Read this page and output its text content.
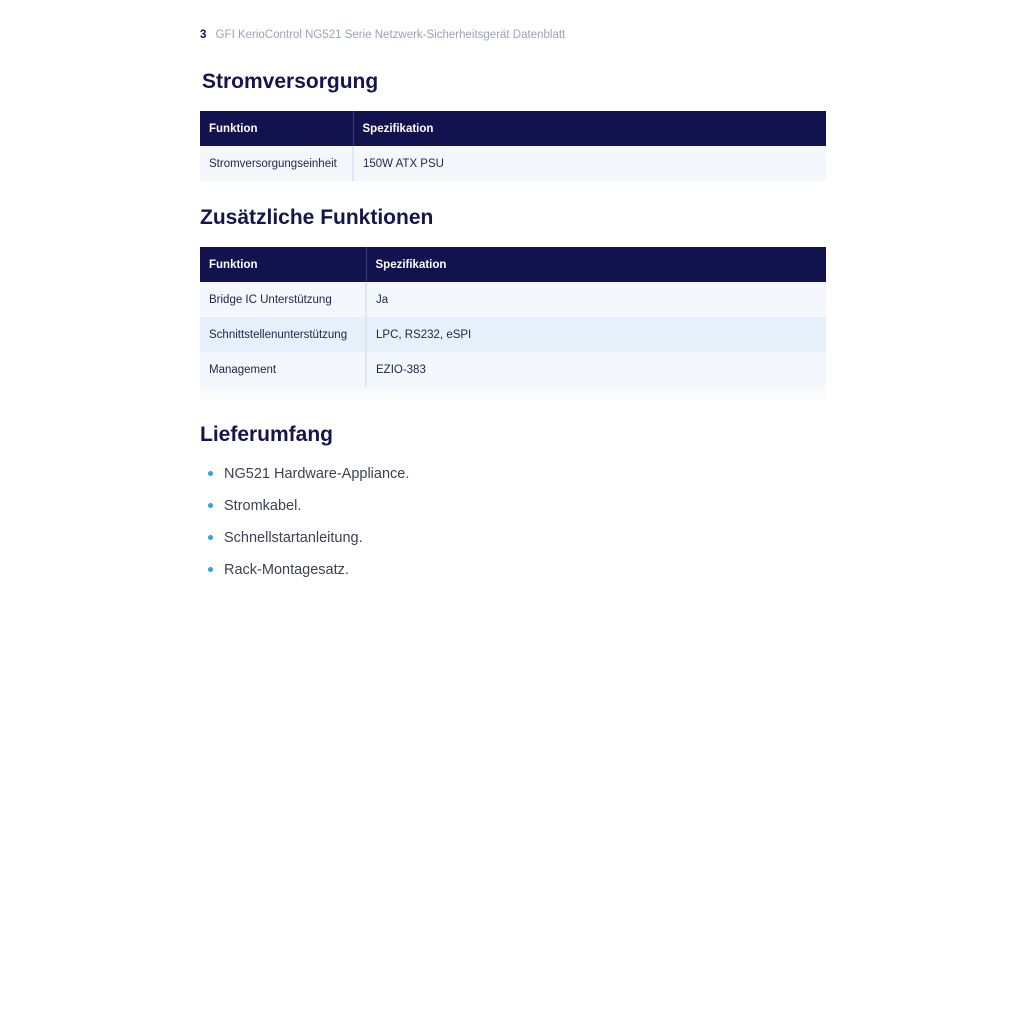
3 GFI KerioControl NG521 Serie Netzwerk-Sicherheitsgerät Datenblatt
Stromversorgung
Funktion	Spezifikation
Stromversorgungseinheit	150W ATX PSU
Zusätzliche Funktionen
Funktion	Spezifikation
Bridge IC Unterstützung	Ja
Schnittstellenunterstützung	LPC, RS232, eSPI
Management	EZIO-383
Lieferumfang
NG521 Hardware-Appliance.
Stromkabel.
Schnellstartanleitung.
Rack-Montagesatz.
